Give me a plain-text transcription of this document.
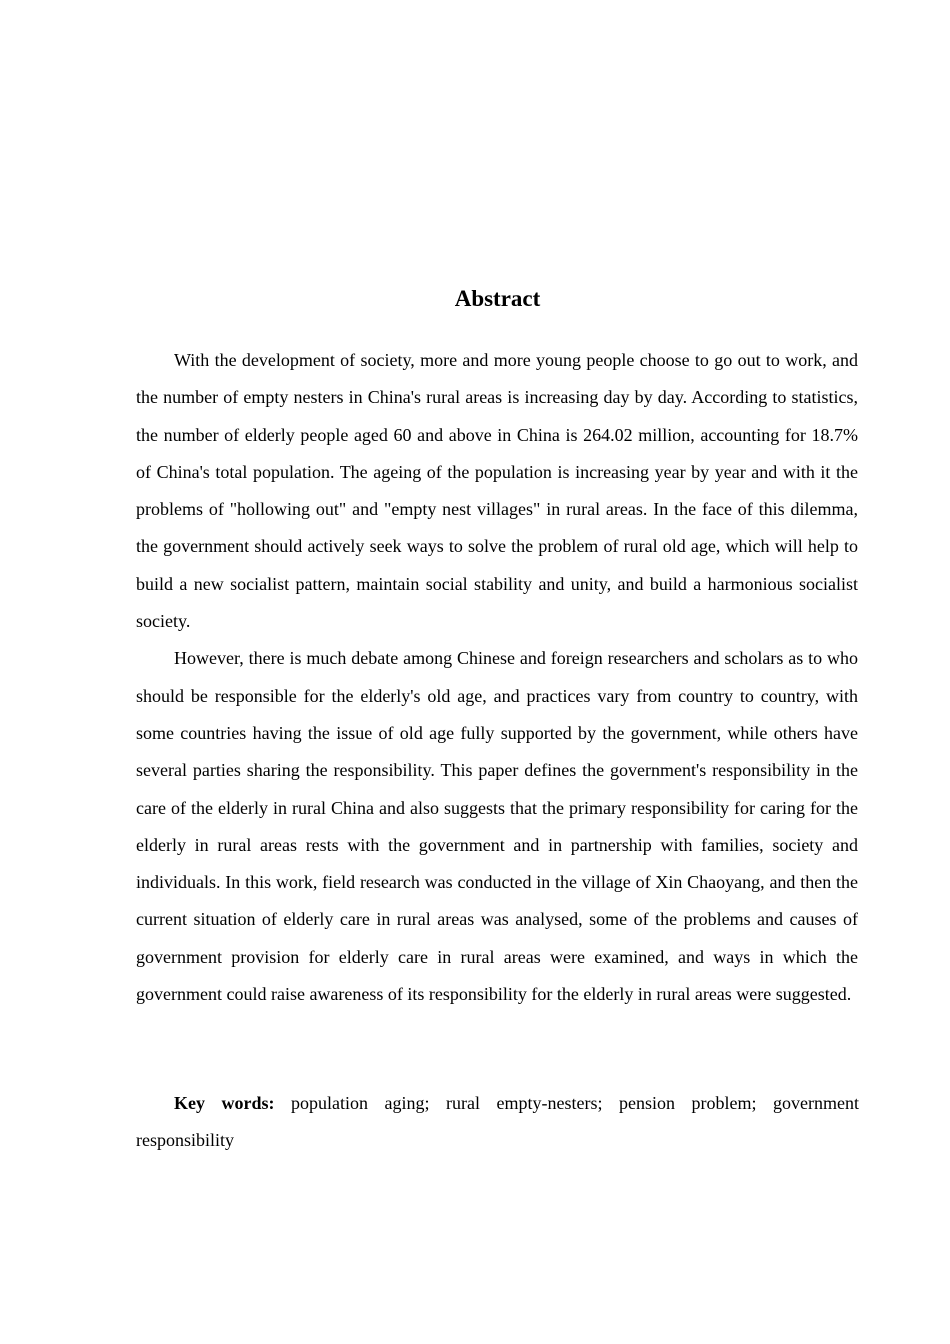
Abstract

With the development of society, more and more young people choose to go out to work, and the number of empty nesters in China's rural areas is increasing day by day. According to statistics, the number of elderly people aged 60 and above in China is 264.02 million, accounting for 18.7% of China's total population. The ageing of the population is increasing year by year and with it the problems of "hollowing out" and "empty nest villages" in rural areas. In the face of this dilemma, the government should actively seek ways to solve the problem of rural old age, which will help to build a new socialist pattern, maintain social stability and unity, and build a harmonious socialist society.

However, there is much debate among Chinese and foreign researchers and scholars as to who should be responsible for the elderly's old age, and practices vary from country to country, with some countries having the issue of old age fully supported by the government, while others have several parties sharing the responsibility. This paper defines the government's responsibility in the care of the elderly in rural China and also suggests that the primary responsibility for caring for the elderly in rural areas rests with the government and in partnership with families, society and individuals. In this work, field research was conducted in the village of Xin Chaoyang, and then the current situation of elderly care in rural areas was analysed, some of the problems and causes of government provision for elderly care in rural areas were examined, and ways in which the government could raise awareness of its responsibility for the elderly in rural areas were suggested.

Key words: population aging; rural empty-nesters; pension problem; government responsibility
